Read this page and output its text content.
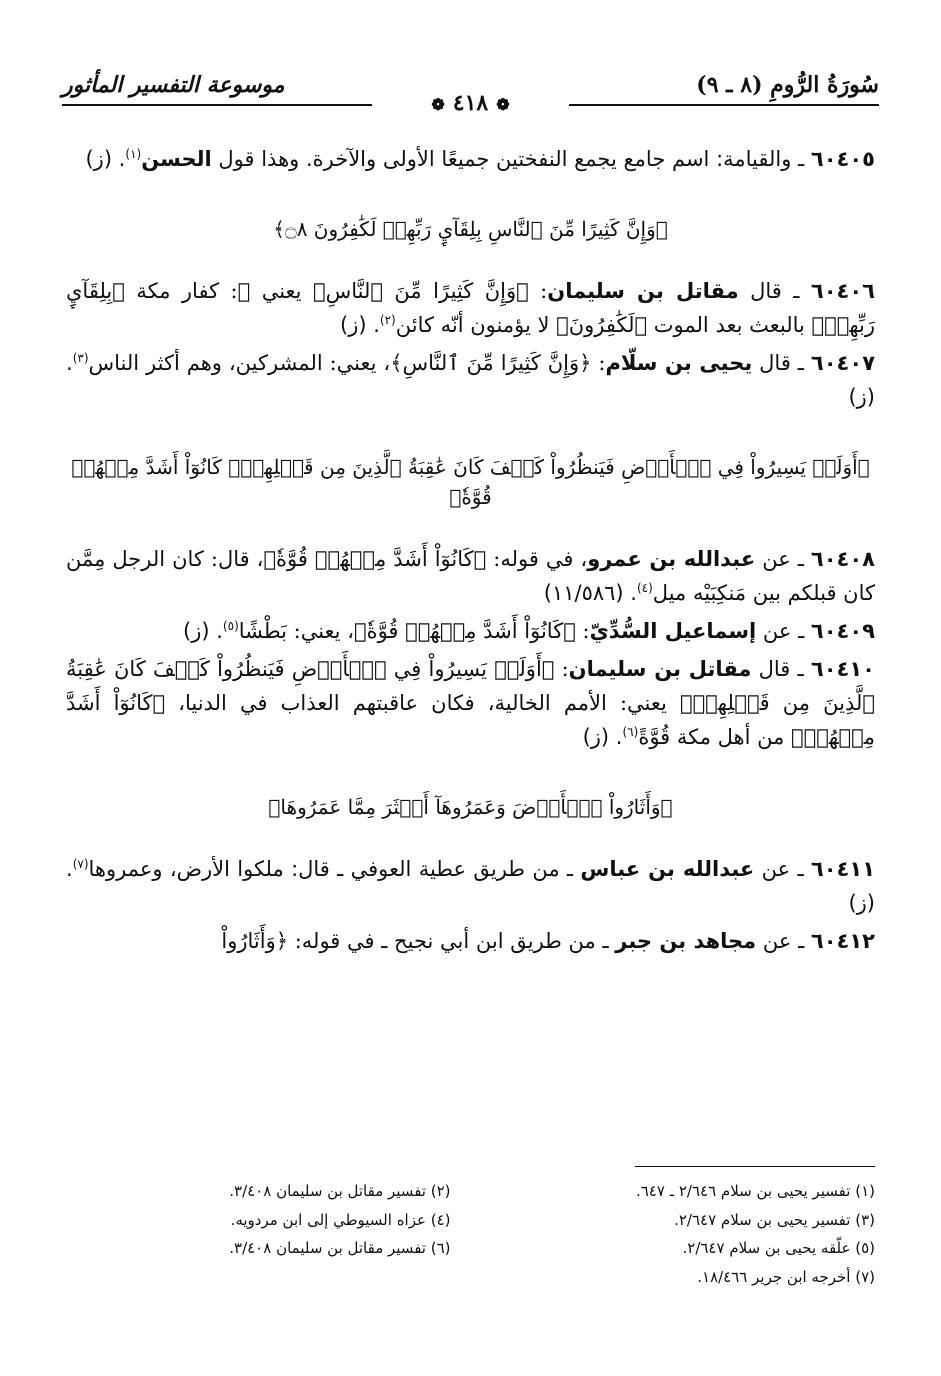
سُورَةُ الرُّومِ (٨ ـ ٩)
موسوعة التفسير المأثور
❁٤١٨❁

٦٠٤٠٥ ـ والقيامة: اسم جامع يجمع النفختين جميعًا الأولى والآخرة. وهذا قول الحسن$^{(١)}$. (ز)

﴿وَإِنَّ كَثِيرًا مِّنَ ٱلنَّاسِ بِلِقَآيِٕ رَبِّهِمۡ لَكَٰفِرُونَ ۝٨﴾

٦٠٤٠٦ ـ قال مقاتل بن سليمان: ﴿وَإِنَّ كَثِيرًا مِّنَ ٱلنَّاسِ﴾ يعني ﷺ: كفار مكة ﴿بِلِقَآيِٕ رَبِّهِمۡ﴾ بالبعث بعد الموت ﴿لَكَٰفِرُونَ﴾ لا يؤمنون أنّه كائن$^{(٢)}$. (ز)

٦٠٤٠٧ ـ قال يحيى بن سلّام: ﴿وَإِنَّ كَثِيرًا مِّنَ ٱلنَّاسِ﴾، يعني: المشركين، وهم أكثر الناس$^{(٣)}$. (ز)

﴿أَوَلَمۡ يَسِيرُواْ فِي ٱلۡأَرۡضِ فَيَنظُرُواْ كَيۡفَ كَانَ عَٰقِبَةُ ٱلَّذِينَ مِن قَبۡلِهِمۡۚ كَانُوٓاْ أَشَدَّ مِنۡهُمۡ قُوَّةٗ﴾

٦٠٤٠٨ ـ عن عبدالله بن عمرو، في قوله: ﴿كَانُوٓاْ أَشَدَّ مِنۡهُمۡ قُوَّةٗ﴾، قال: كان الرجل مِمَّن كان قبلكم بين مَنكِبَيْه ميل$^{(٤)}$. (١١/٥٨٦)

٦٠٤٠٩ ـ عن إسماعيل السُّدِّيّ: ﴿كَانُوٓاْ أَشَدَّ مِنۡهُمۡ قُوَّةٗ﴾، يعني: بَطْشًا$^{(٥)}$. (ز)

٦٠٤١٠ ـ قال مقاتل بن سليمان: ﴿أَوَلَمۡ يَسِيرُواْ فِي ٱلۡأَرۡضِ فَيَنظُرُواْ كَيۡفَ كَانَ عَٰقِبَةُ ٱلَّذِينَ مِن قَبۡلِهِمۡ﴾ يعني: الأمم الخالية، فكان عاقبتهم العذاب في الدنيا، ﴿كَانُوٓاْ أَشَدَّ مِنۡهُمۡ﴾ من أهل مكة قُوَّةً$^{(٦)}$. (ز)

﴿وَأَثَارُواْ ٱلۡأَرۡضَ وَعَمَرُوهَآ أَكۡثَرَ مِمَّا عَمَرُوهَا﴾

٦٠٤١١ ـ عن عبدالله بن عباس ـ من طريق عطية العوفي ـ قال: ملكوا الأرض، وعمروها$^{(٧)}$. (ز)

٦٠٤١٢ ـ عن مجاهد بن جبر ـ من طريق ابن أبي نجيح ـ في قوله: ﴿وَأَثَارُواْ

(١) تفسير يحيى بن سلام ٢/٦٤٦ ـ ٦٤٧.
(٢) تفسير مقاتل بن سليمان ٣/٤٠٨.
(٣) تفسير يحيى بن سلام ٢/٦٤٧.
(٤) عزاه السيوطي إلى ابن مردويه.
(٥) علّقه يحيى بن سلام ٢/٦٤٧.
(٦) تفسير مقاتل بن سليمان ٣/٤٠٨.
(٧) أخرجه ابن جرير ١٨/٤٦٦.
